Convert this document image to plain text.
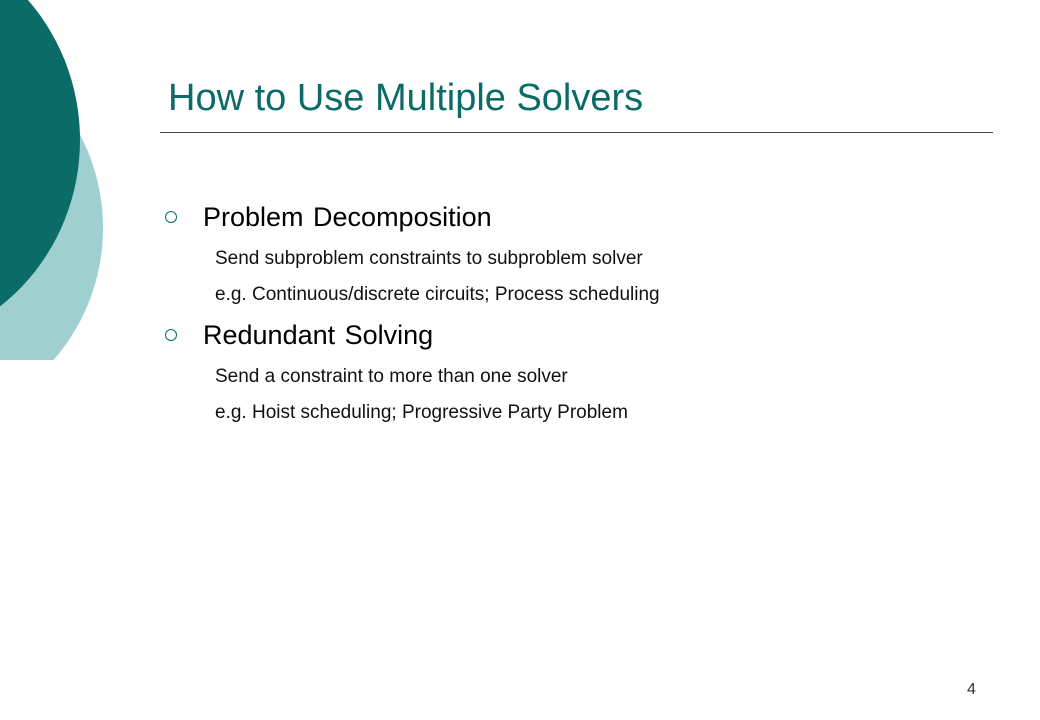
How to Use Multiple Solvers
Problem Decomposition
Send subproblem constraints to subproblem solver
e.g. Continuous/discrete circuits; Process scheduling
Redundant Solving
Send a constraint to more than one solver
e.g. Hoist scheduling; Progressive Party Problem
4
